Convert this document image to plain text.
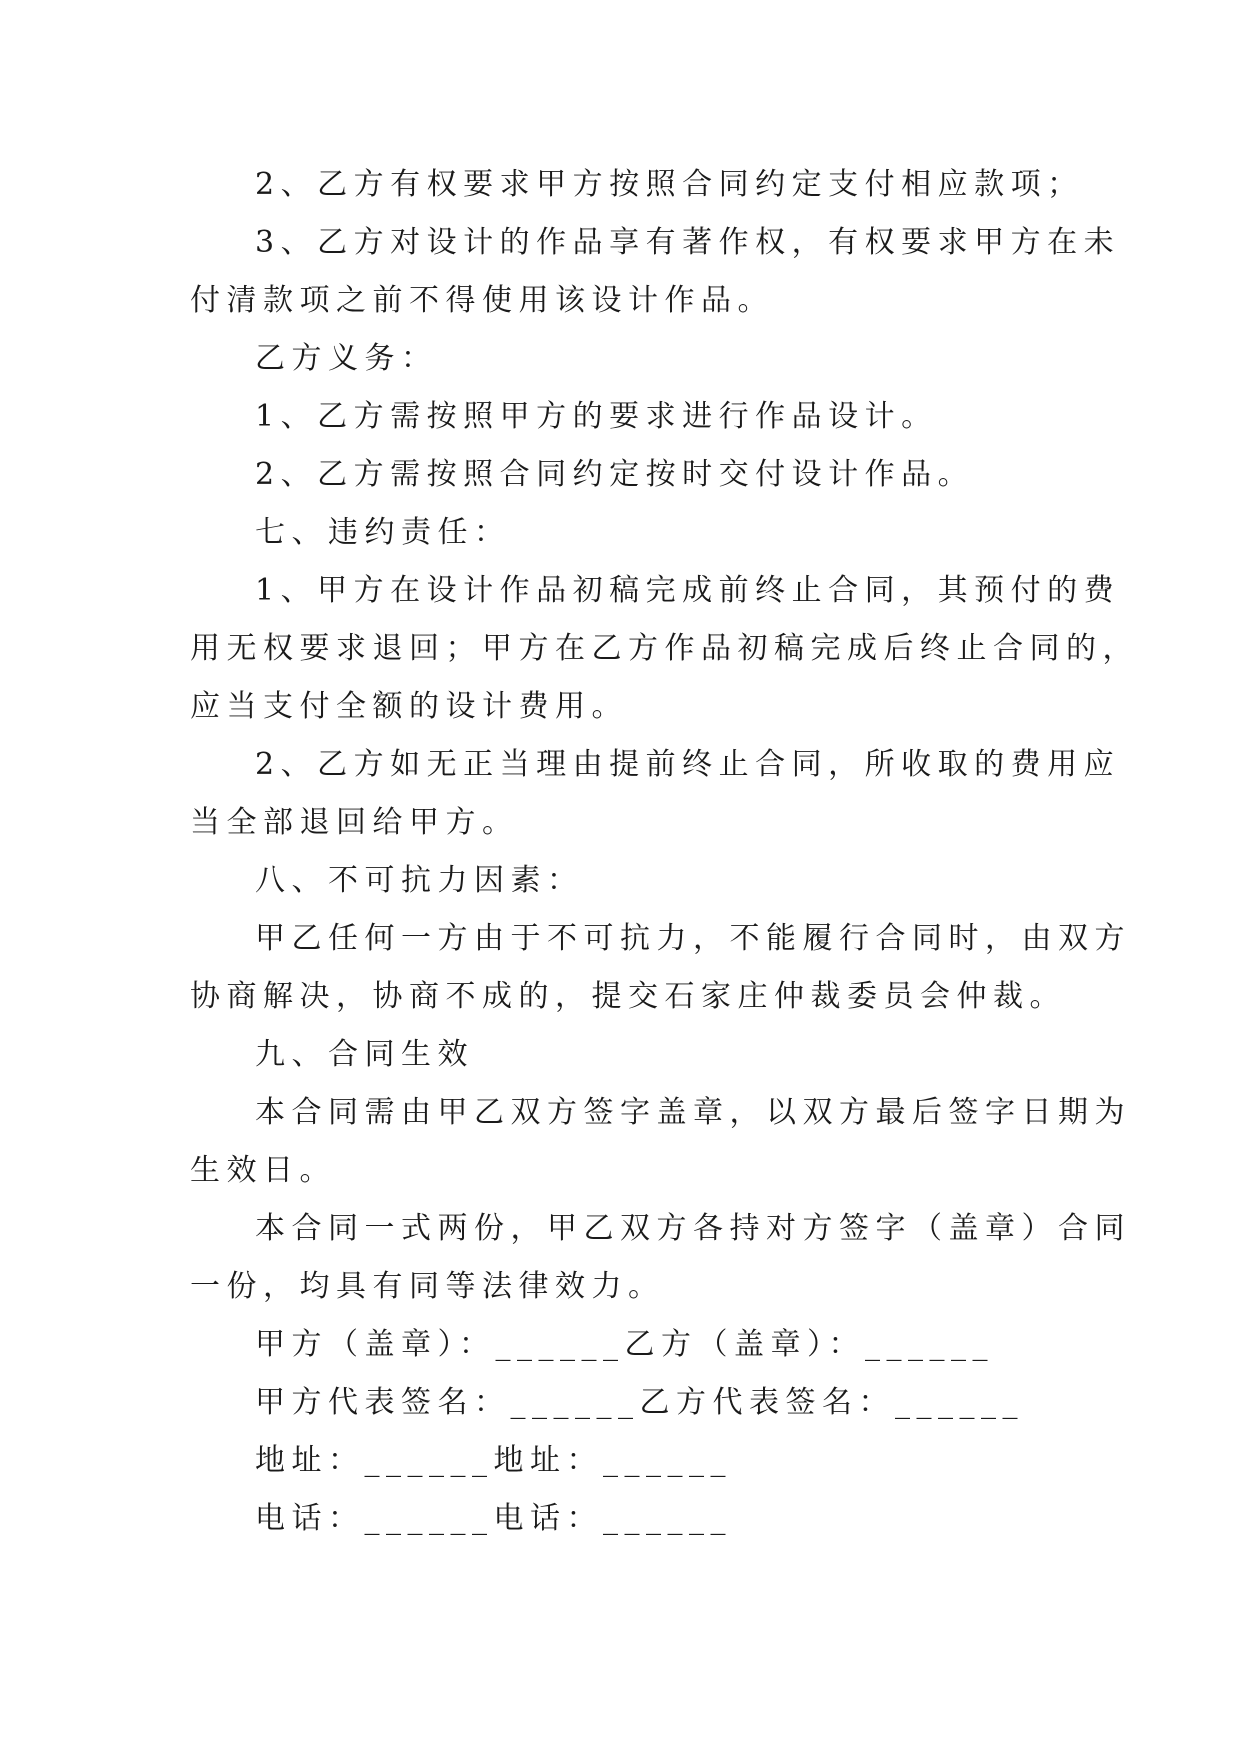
2、乙方有权要求甲方按照合同约定支付相应款项；
3、乙方对设计的作品享有著作权，有权要求甲方在未
付清款项之前不得使用该设计作品。
乙方义务：
1、乙方需按照甲方的要求进行作品设计。
2、乙方需按照合同约定按时交付设计作品。
七、违约责任：
1、甲方在设计作品初稿完成前终止合同，其预付的费
用无权要求退回；甲方在乙方作品初稿完成后终止合同的，
应当支付全额的设计费用。
2、乙方如无正当理由提前终止合同，所收取的费用应
当全部退回给甲方。
八、不可抗力因素：
甲乙任何一方由于不可抗力，不能履行合同时，由双方
协商解决，协商不成的，提交石家庄仲裁委员会仲裁。
九、合同生效
本合同需由甲乙双方签字盖章，以双方最后签字日期为
生效日。
本合同一式两份，甲乙双方各持对方签字（盖章）合同
一份，均具有同等法律效力。
甲方（盖章）：______乙方（盖章）：______
甲方代表签名：______乙方代表签名：______
地址：______地址：______
电话：______电话：______
